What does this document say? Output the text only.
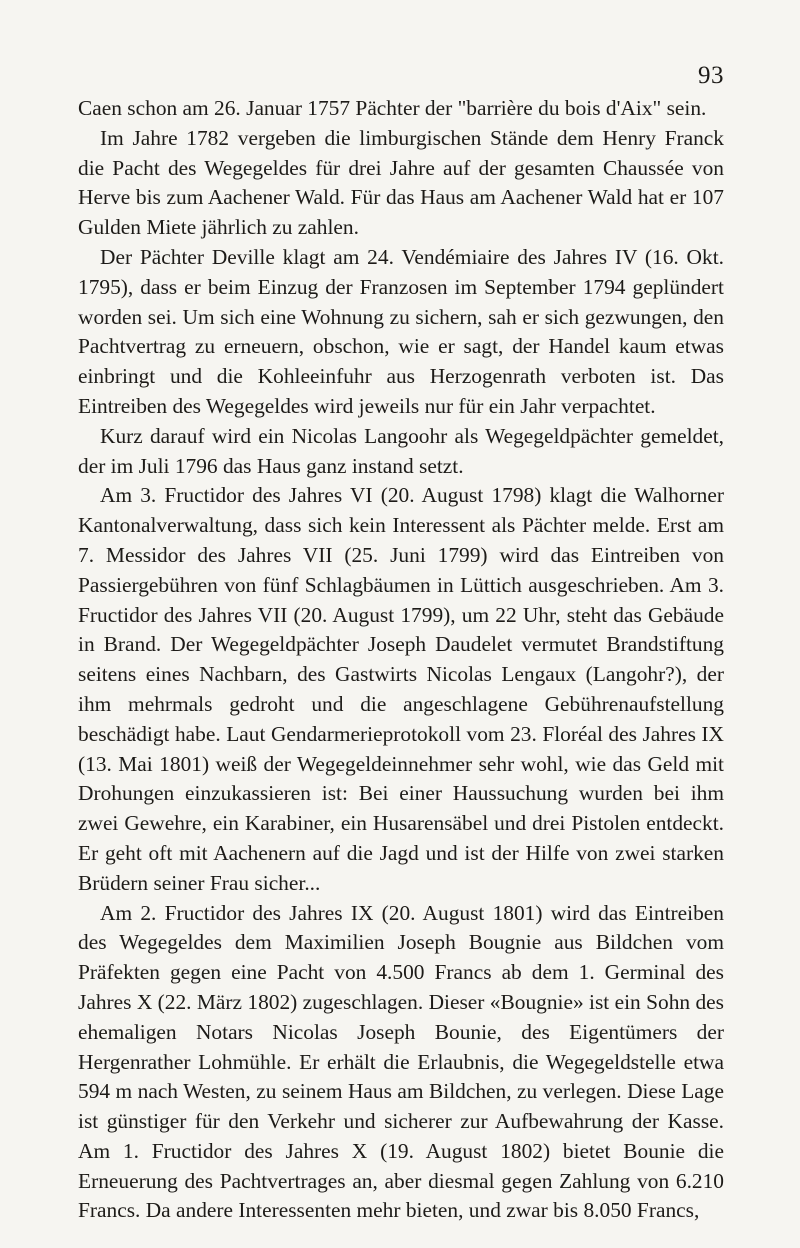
93

Caen schon am 26. Januar 1757 Pächter der "barrière du bois d'Aix" sein.

Im Jahre 1782 vergeben die limburgischen Stände dem Henry Franck die Pacht des Wegegeldes für drei Jahre auf der gesamten Chaussée von Herve bis zum Aachener Wald. Für das Haus am Aachener Wald hat er 107 Gulden Miete jährlich zu zahlen.

Der Pächter Deville klagt am 24. Vendémiaire des Jahres IV (16. Okt. 1795), dass er beim Einzug der Franzosen im September 1794 geplündert worden sei. Um sich eine Wohnung zu sichern, sah er sich gezwungen, den Pachtvertrag zu erneuern, obschon, wie er sagt, der Handel kaum etwas einbringt und die Kohleeinfuhr aus Herzogenrath verboten ist. Das Eintreiben des Wegegeldes wird jeweils nur für ein Jahr verpachtet.

Kurz darauf wird ein Nicolas Langoohr als Wegegeldpächter gemeldet, der im Juli 1796 das Haus ganz instand setzt.

Am 3. Fructidor des Jahres VI (20. August 1798) klagt die Walhorner Kantonalverwaltung, dass sich kein Interessent als Pächter melde. Erst am 7. Messidor des Jahres VII (25. Juni 1799) wird das Eintreiben von Passiergebühren von fünf Schlagbäumen in Lüttich ausgeschrieben. Am 3. Fructidor des Jahres VII (20. August 1799), um 22 Uhr, steht das Gebäude in Brand. Der Wegegeldpächter Joseph Daudelet vermutet Brandstiftung seitens eines Nachbarn, des Gastwirts Nicolas Lengaux (Langohr?), der ihm mehrmals gedroht und die angeschlagene Gebührenaufstellung beschädigt habe. Laut Gendarmerieprotokoll vom 23. Floréal des Jahres IX (13. Mai 1801) weiß der Wegegeldeinnehmer sehr wohl, wie das Geld mit Drohungen einzukassieren ist: Bei einer Haussuchung wurden bei ihm zwei Gewehre, ein Karabiner, ein Husarensäbel und drei Pistolen entdeckt. Er geht oft mit Aachenern auf die Jagd und ist der Hilfe von zwei starken Brüdern seiner Frau sicher...

Am 2. Fructidor des Jahres IX (20. August 1801) wird das Eintreiben des Wegegeldes dem Maximilien Joseph Bougnie aus Bildchen vom Präfekten gegen eine Pacht von 4.500 Francs ab dem 1. Germinal des Jahres X (22. März 1802) zugeschlagen. Dieser «Bougnie» ist ein Sohn des ehemaligen Notars Nicolas Joseph Bounie, des Eigentümers der Hergenrather Lohmühle. Er erhält die Erlaubnis, die Wegegeldstelle etwa 594 m nach Westen, zu seinem Haus am Bildchen, zu verlegen. Diese Lage ist günstiger für den Verkehr und sicherer zur Aufbewahrung der Kasse. Am 1. Fructidor des Jahres X (19. August 1802) bietet Bounie die Erneuerung des Pachtvertrages an, aber diesmal gegen Zahlung von 6.210 Francs. Da andere Interessenten mehr bieten, und zwar bis 8.050 Francs,
